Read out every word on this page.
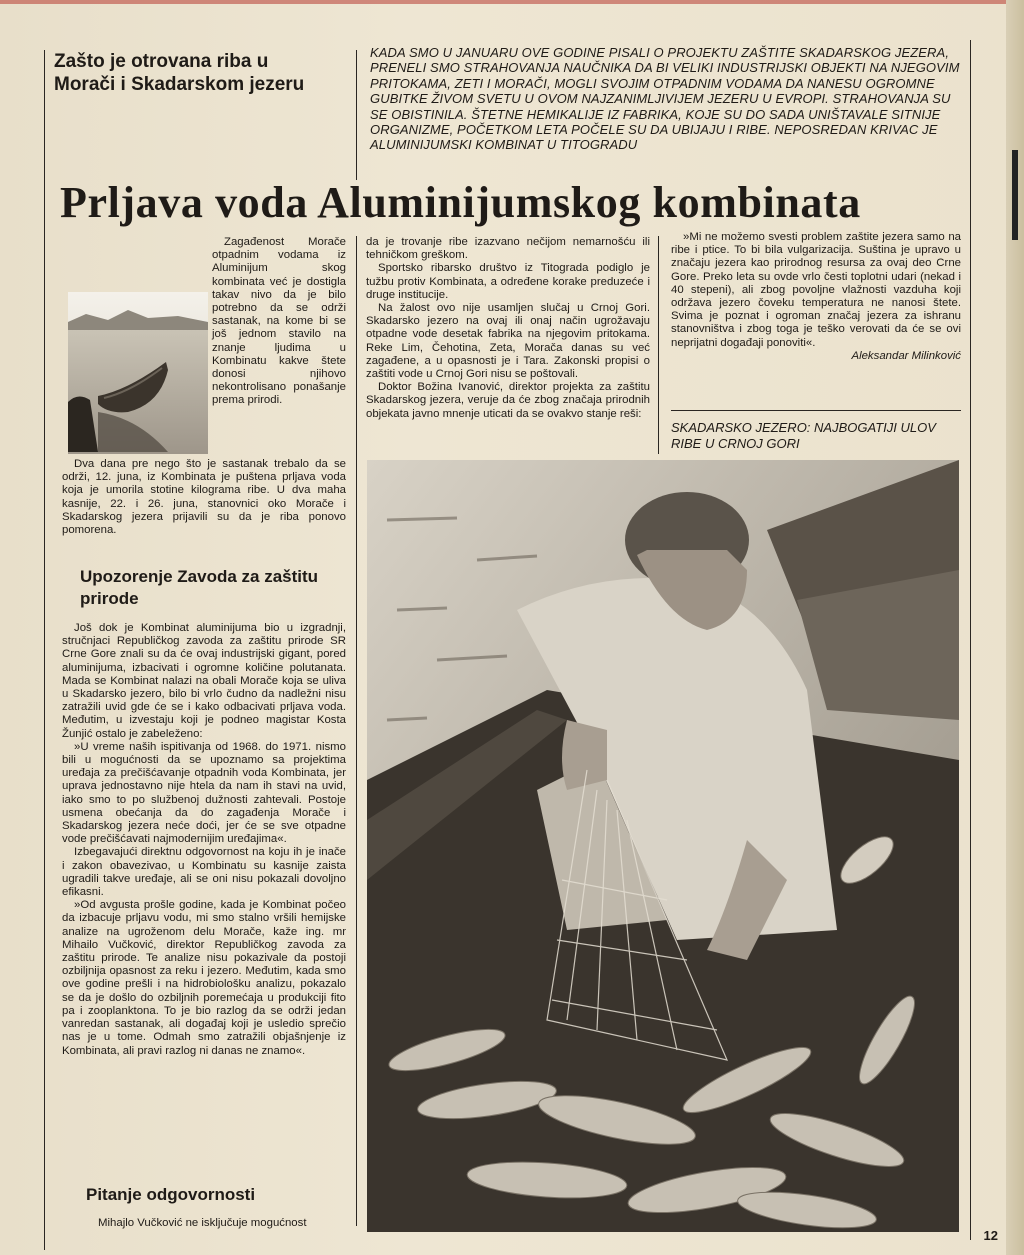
Zašto je otrovana riba u Morači i Skadarskom jezeru
KADA SMO U JANUARU OVE GODINE PISALI O PROJEKTU ZAŠTITE SKADARSKOG JEZERA, PRENELI SMO STRAHOVANJA NAUČNIKA DA BI VELIKI INDUSTRIJSKI OBJEKTI NA NJEGOVIM PRITOKAMA, ZETI I MORAČI, MOGLI SVOJIM OTPADNIM VODAMA DA NANESU OGROMNE GUBITKE ŽIVOM SVETU U OVOM NAJZANIMLJIVIJEM JEZERU U EVROPI. STRAHOVANJA SU SE OBISTINILA. ŠTETNE HEMIKALIJE IZ FABRIKA, KOJE SU DO SADA UNIŠTAVALE SITNIJE ORGANIZME, POČETKOM LETA POČELE SU DA UBIJAJU I RIBE. NEPOSREDAN KRIVAC JE ALUMINIJUMSKI KOMBINAT U TITOGRADU
Prljava voda Aluminijumskog kombinata

Zagađenost Morače otpadnim vodama iz Aluminijum skog kombinata već je dostigla takav nivo da je bilo potrebno da se održi sastanak, na kome bi se još jednom stavilo na znanje ljudima u Kombinatu kakve štete donosi njihovo nekontrolisano ponašanje prema prirodi.

Dva dana pre nego što je sastanak trebalo da se održi, 12. juna, iz Kombinata je puštena prljava voda koja je umorila stotine kilograma ribe. U dva maha kasnije, 22. i 26. juna, stanovnici oko Morače i Skadarskog jezera prijavili su da je riba ponovo pomorena.

Upozorenje Zavoda za zaštitu prirode

Još dok je Kombinat aluminijuma bio u izgradnji, stručnjaci Republičkog zavoda za zaštitu prirode SR Crne Gore znali su da će ovaj industrijski gigant, pored aluminijuma, izbacivati i ogromne količine polutanata. Mada se Kombinat nalazi na obali Morače koja se uliva u Skadarsko jezero, bilo bi vrlo čudno da nadležni nisu zatražili uvid gde će se i kako odbacivati prljava voda. Međutim, u izvestaju koji je podneo magistar Kosta Žunjić ostalo je zabeleženo:

»U vreme naših ispitivanja od 1968. do 1971. nismo bili u mogućnosti da se upoznamo sa projektima uređaja za prečišćavanje otpadnih voda Kombinata, jer uprava jednostavno nije htela da nam ih stavi na uvid, iako smo to po službenoj dužnosti zahtevali. Postoje usmena obećanja da do zagađenja Morače i Skadarskog jezera neće doći, jer će se sve otpadne vode prečišćavati najmodernijim uređajima«.

Izbegavajući direktnu odgovornost na koju ih je inače i zakon obavezivao, u Kombinatu su kasnije zaista ugradili takve uređaje, ali se oni nisu pokazali dovoljno efikasni.

»Od avgusta prošle godine, kada je Kombinat počeo da izbacuje prljavu vodu, mi smo stalno vršili hemijske analize na ugroženom delu Morače, kaže ing. mr Mihailo Vučković, direktor Republičkog zavoda za zaštitu prirode. Te analize nisu pokazivale da postoji ozbiljnija opasnost za reku i jezero. Međutim, kada smo ove godine prešli i na hidrobiološku analizu, pokazalo se da je došlo do ozbiljnih poremećaja u produkciji fito pa i zooplanktona. To je bio razlog da se održi jedan vanredan sastanak, ali događaj koji je usledio sprečio nas je u tome. Odmah smo zatražili objašnjenje iz Kombinata, ali pravi razlog ni danas ne znamo«.

Pitanje odgovornosti

Mihajlo Vučković ne isključuje mogućnost

da je trovanje ribe izazvano nečijom nemarnošću ili tehničkom greškom.

Sportsko ribarsko društvo iz Titograda podiglo je tužbu protiv Kombinata, a određene korake preduzeće i druge institucije.

Na žalost ovo nije usamljen slučaj u Crnoj Gori. Skadarsko jezero na ovaj ili onaj način ugrožavaju otpadne vode desetak fabrika na njegovim pritokama. Reke Lim, Čehotina, Zeta, Morača danas su već zagađene, a u opasnosti je i Tara. Zakonski propisi o zaštiti vode u Crnoj Gori nisu se poštovali.

Doktor Božina Ivanović, direktor projekta za zaštitu Skadarskog jezera, veruje da će zbog značaja prirodnih objekata javno mnenje uticati da se ovakvo stanje reši:

»Mi ne možemo svesti problem zaštite jezera samo na ribe i ptice. To bi bila vulgarizacija. Suština je upravo u značaju jezera kao prirodnog resursa za ovaj deo Crne Gore. Preko leta su ovde vrlo česti toplotni udari (nekad i 40 stepeni), ali zbog povoljne vlažnosti vazduha koji održava jezero čoveku temperatura ne nanosi štete. Svima je poznat i ogroman značaj jezera za ishranu stanovništva i zbog toga je teško verovati da će se ovi neprijatni događaji ponoviti«.

Aleksandar Milinković

SKADARSKO JEZERO: NAJBOGATIJI ULOV RIBE U CRNOJ GORI
12
